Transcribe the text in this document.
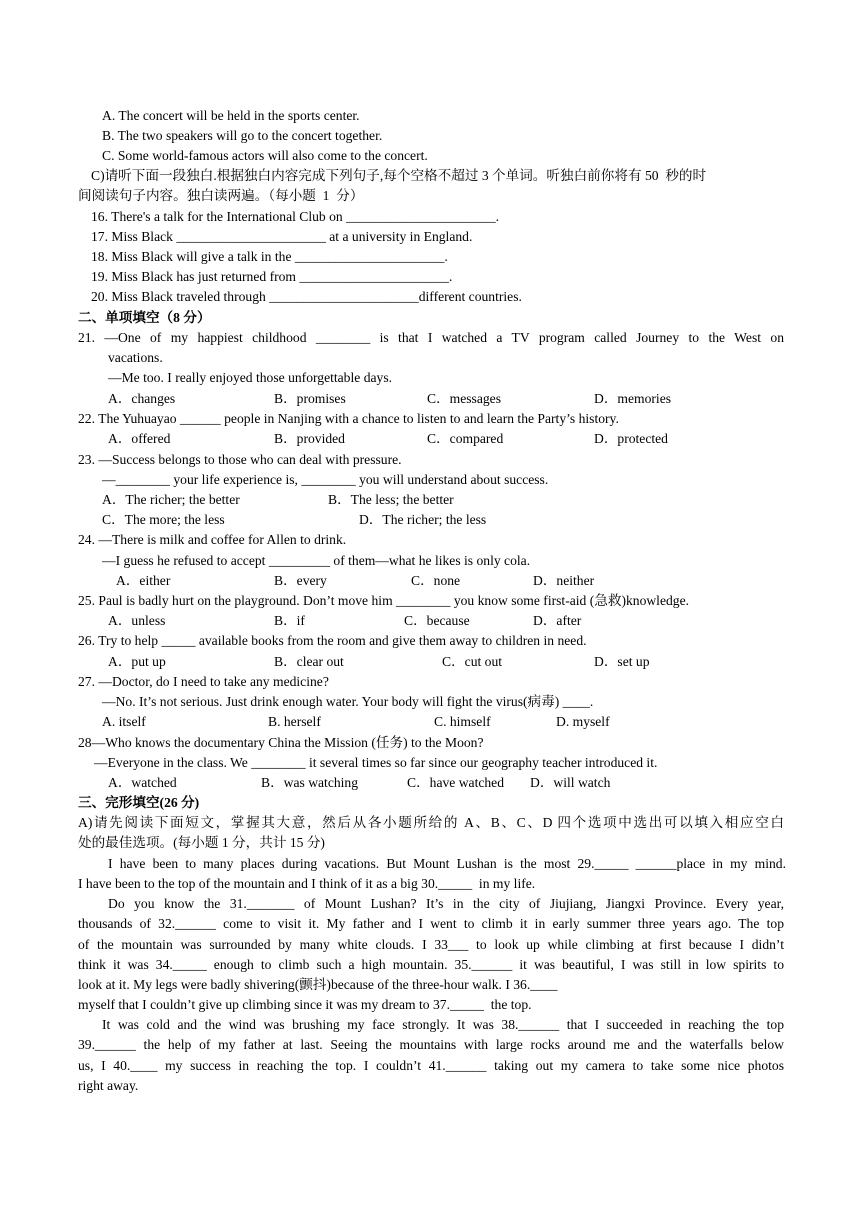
A. The concert will be held in the sports center.
B. The two speakers will go to the concert together.
C. Some world-famous actors will also come to the concert.
C)请听下面一段独白.根据独白内容完成下列句子,每个空格不超过 3 个单词。听独白前你将有 50  秒的时
间阅读句子内容。独白读两遍。（每小题  1  分）
16. There's a talk for the International Club on ______________________.
17. Miss Black ______________________ at a university in England.
18. Miss Black will give a talk in the ______________________.
19. Miss Black has just returned from ______________________.
20. Miss Black traveled through ______________________different countries.
二、单项填空（8 分）
21. —One of my happiest childhood ________ is that I watched a TV program called Journey to the West on
vacations.
—Me too. I really enjoyed those unforgettable days.
A．changes	B．promises	C．messages	D．memories
22. The Yuhuayao ______ people in Nanjing with a chance to listen to and learn the Party’s history.
A．offered	B．provided	C．compared	D．protected
23. —Success belongs to those who can deal with pressure.
—________ your life experience is, ________ you will understand about success.
A．The richer; the better	B．The less; the better
C．The more; the less	D．The richer; the less
24. —There is milk and coffee for Allen to drink.
—I guess he refused to accept _________ of them—what he likes is only cola.
A．either	B．every	C．none	D．neither
25. Paul is badly hurt on the playground. Don’t move him ________ you know some first-aid (急救)knowledge.
A．unless	B．if	C．because	D．after
26. Try to help _____ available books from the room and give them away to children in need.
A．put up	B．clear out	C．cut out	D．set up
27. —Doctor, do I need to take any medicine?
—No. It’s not serious. Just drink enough water. Your body will fight the virus(病毒) ____.
A. itself	B. herself	C. himself	D. myself
28—Who knows the documentary China the Mission (任务) to the Moon?
—Everyone in the class. We ________ it several times so far since our geography teacher introduced it.
A．watched	B．was watching	C．have watched D．will watch
三、完形填空(26 分)
A)请先阅读下面短文，掌握其大意，然后从各小题所给的 A、B、C、D 四个选项中选出可以填入相应空白
处的最佳选项。(每小题 1 分，共计 15 分)
I have been to many places during vacations. But Mount Lushan is the most 29._____ ______place in my mind.
I have been to the top of the mountain and I think of it as a big 30._____  in my life.
Do you know the 31._______ of Mount Lushan? It’s in the city of Jiujiang, Jiangxi Province. Every year,
thousands of 32.______ come to visit it. My father and I went to climb it in early summer three years ago. The top
of the mountain was surrounded by many white clouds. I 33___ to look up while climbing at first because I didn’t
think it was 34._____ enough to climb such a high mountain. 35.______ it was beautiful, I was still in low spirits to
look at it. My legs were badly shivering(颤抖)because of the three-hour walk. I 36.____
myself that I couldn’t give up climbing since it was my dream to 37._____  the top.
It was cold and the wind was brushing my face strongly. It was 38.______ that I succeeded in reaching the top
39.______ the help of my father at last. Seeing the mountains with large rocks around me and the waterfalls below
us, I 40.____ my success in reaching the top. I couldn’t 41.______ taking out my camera to take some nice photos
right away.
